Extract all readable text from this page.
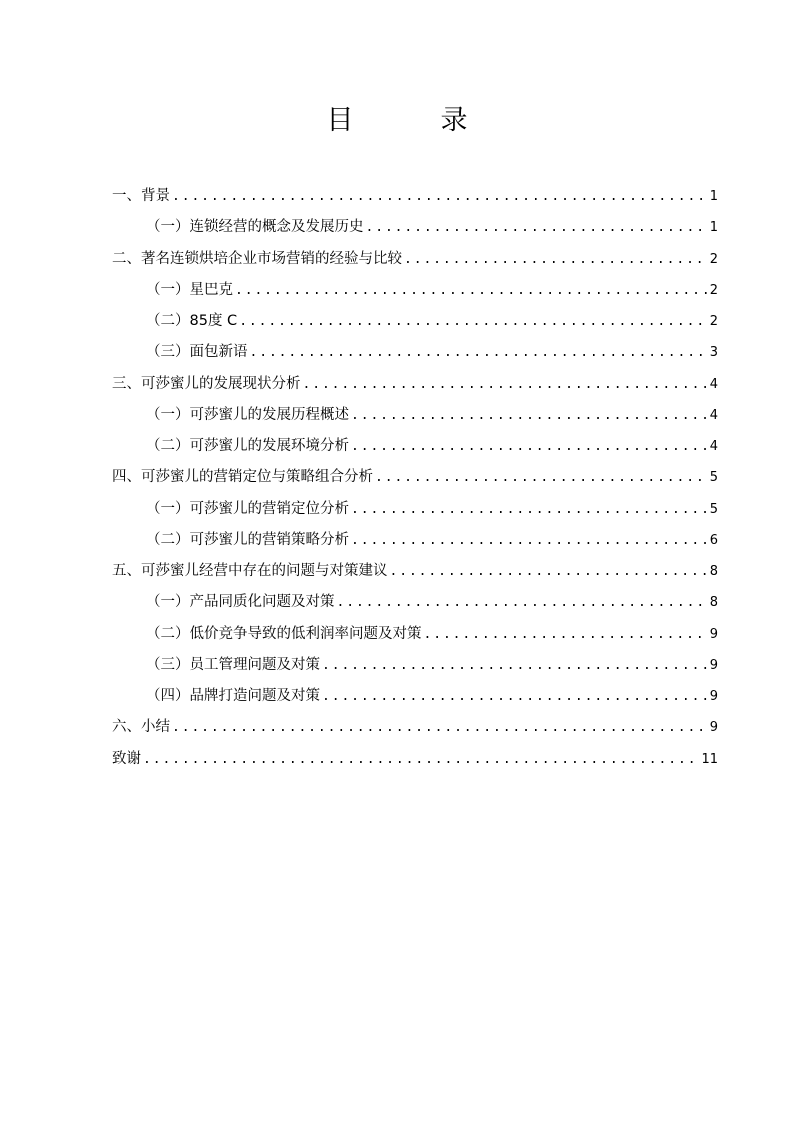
目　录
一、背景 .....	1
（一）连锁经营的概念及发展历史 .....	1
二、著名连锁烘培企业市场营销的经验与比较 .....	2
（一）星巴克 .....	2
（二）85度 C .....	2
（三）面包新语 .....	3
三、可莎蜜儿的发展现状分析 .....	4
（一）可莎蜜儿的发展历程概述 .....	4
（二）可莎蜜儿的发展环境分析 .....	4
四、可莎蜜儿的营销定位与策略组合分析 .....	5
（一）可莎蜜儿的营销定位分析 .....	5
（二）可莎蜜儿的营销策略分析 .....	6
五、可莎蜜儿经营中存在的问题与对策建议 .....	8
（一）产品同质化问题及对策 .....	8
（二）低价竞争导致的低利润率问题及对策 .....	9
（三）员工管理问题及对策 .....	9
（四）品牌打造问题及对策 .....	9
六、小结 .....	9
致谢 .....	11
